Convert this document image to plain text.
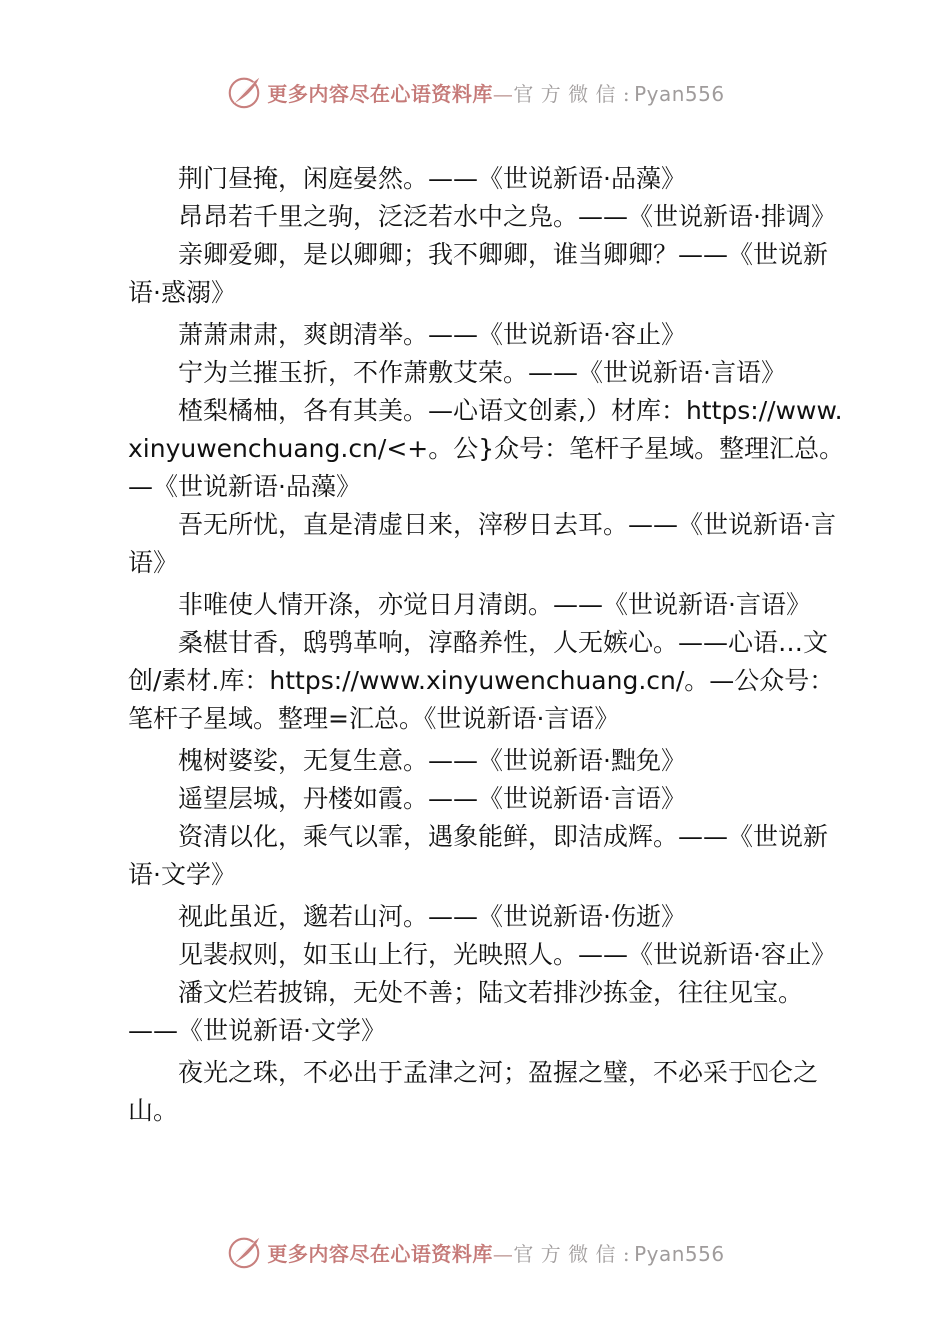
更多内容尽在心语资料库—官 方 微 信 : Pyan556

荆门昼掩，闲庭晏然。——《世说新语·品藻》

昂昂若千里之驹，泛泛若水中之凫。——《世说新语·排调》

亲卿爱卿，是以卿卿；我不卿卿，谁当卿卿？——《世说新语·惑溺》

萧萧肃肃，爽朗清举。——《世说新语·容止》

宁为兰摧玉折，不作萧敷艾荣。——《世说新语·言语》

楂梨橘柚，各有其美。—心语文创素,）材库：https://www.xinyuwenchuang.cn/<+。公}众号：笔杆子星域。整理汇总。—《世说新语·品藻》

吾无所忧，直是清虚日来，滓秽日去耳。——《世说新语·言语》

非唯使人情开涤，亦觉日月清朗。——《世说新语·言语》

桑椹甘香，鸱鸮革响，淳酪养性，人无嫉心。——心语…文创/素材.库：https://www.xinyuwenchuang.cn/。—公众号：笔杆子星域。整理=汇总。《世说新语·言语》

槐树婆娑，无复生意。——《世说新语·黜免》

遥望层城，丹楼如霞。——《世说新语·言语》

资清以化，乘气以霏，遇象能鲜，即洁成辉。——《世说新语·文学》

视此虽近，邈若山河。——《世说新语·伤逝》

见裴叔则，如玉山上行，光映照人。——《世说新语·容止》

潘文烂若披锦，无处不善；陆文若排沙拣金，往往见宝。——《世说新语·文学》

夜光之珠，不必出于孟津之河；盈握之璧，不必采于⍂仑之山。

更多内容尽在心语资料库—官 方 微 信 : Pyan556
